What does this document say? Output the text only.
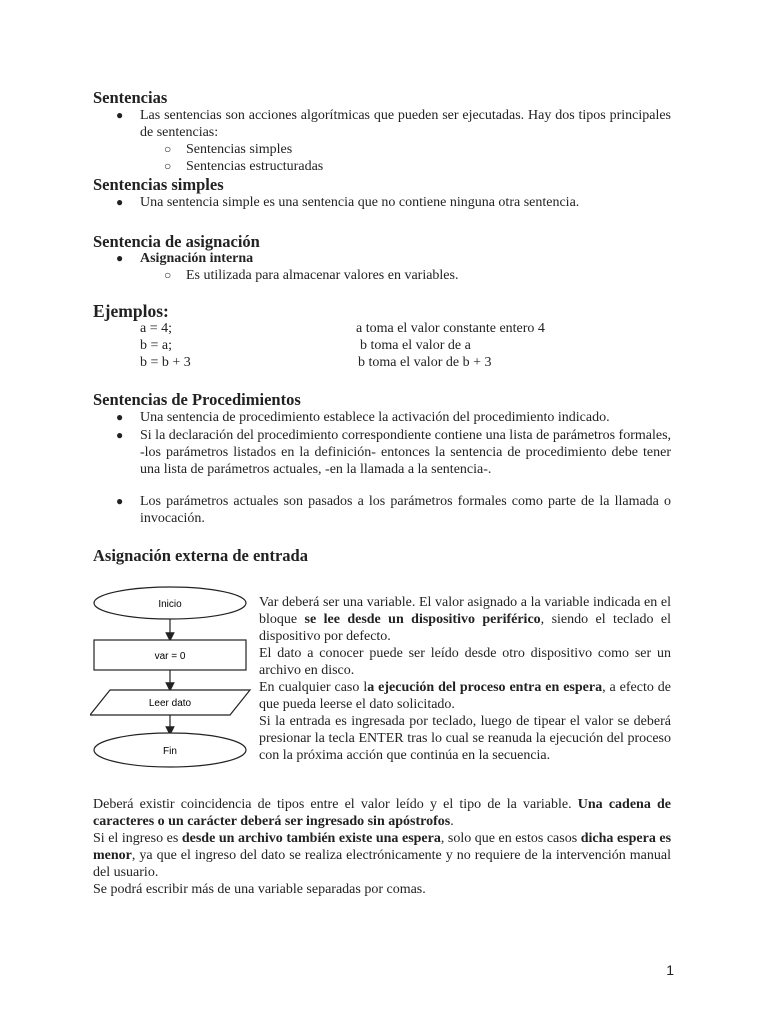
Sentencias
● Las sentencias son acciones algorítmicas que pueden ser ejecutadas. Hay dos tipos principales de sentencias:
○ Sentencias simples
○ Sentencias estructuradas
Sentencias simples
● Una sentencia simple es una sentencia que no contiene ninguna otra sentencia.
Sentencia de asignación
● Asignación interna
○ Es utilizada para almacenar valores en variables.
Ejemplos:
a = 4;	a toma el valor constante entero 4
b = a;	b toma el valor de a
b = b + 3	b toma el valor de b + 3
Sentencias de Procedimientos
● Una sentencia de procedimiento establece la activación del procedimiento indicado.
● Si la declaración del procedimiento correspondiente contiene una lista de parámetros formales, -los parámetros listados en la definición- entonces la sentencia de procedimiento debe tener una lista de parámetros actuales, -en la llamada a la sentencia-.
● Los parámetros actuales son pasados a los parámetros formales como parte de la llamada o invocación.
Asignación externa de entrada
Inicio
var = 0
Leer dato
Fin
Var deberá ser una variable. El valor asignado a la variable indicada en el bloque se lee desde un dispositivo periférico, siendo el teclado el dispositivo por defecto.
El dato a conocer puede ser leído desde otro dispositivo como ser un archivo en disco.
En cualquier caso la ejecución del proceso entra en espera, a efecto de que pueda leerse el dato solicitado.
Si la entrada es ingresada por teclado, luego de tipear el valor se deberá presionar la tecla ENTER tras lo cual se reanuda la ejecución del proceso con la próxima acción que continúa en la secuencia.
Deberá existir coincidencia de tipos entre el valor leído y el tipo de la variable. Una cadena de caracteres o un carácter deberá ser ingresado sin apóstrofos.
Si el ingreso es desde un archivo también existe una espera, solo que en estos casos dicha espera es menor, ya que el ingreso del dato se realiza electrónicamente y no requiere de la intervención manual del usuario.
Se podrá escribir más de una variable separadas por comas.
1
